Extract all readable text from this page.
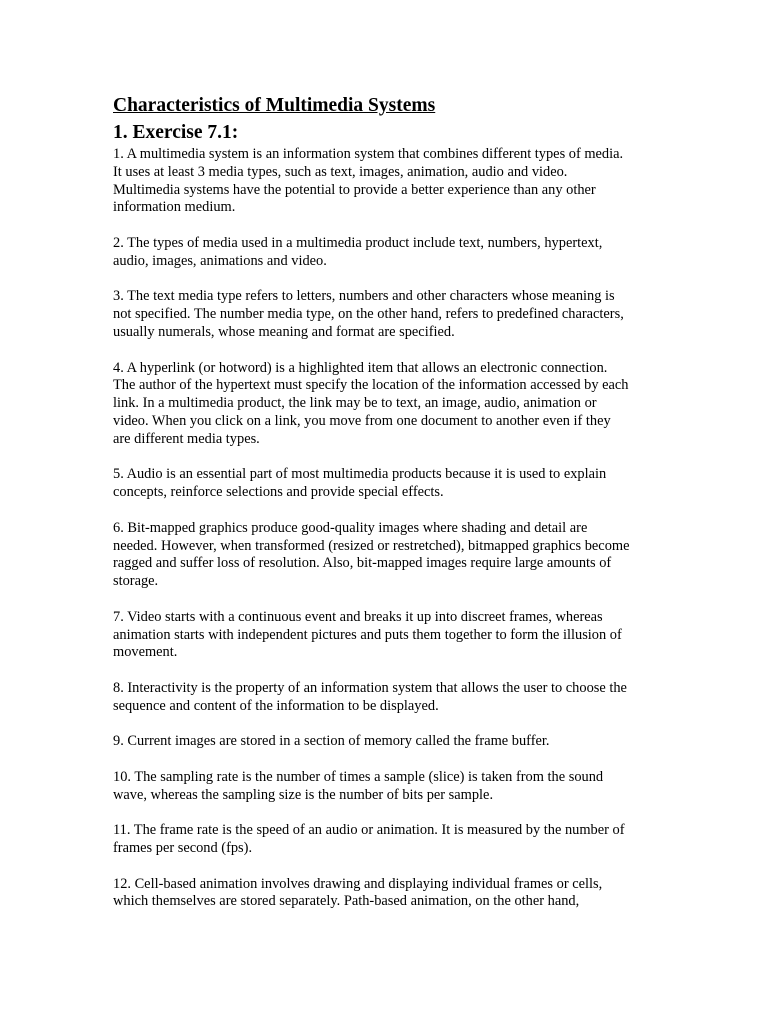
Characteristics of Multimedia Systems
1. Exercise 7.1:

1. A multimedia system is an information system that combines different types of media.
It uses at least 3 media types, such as text, images, animation, audio and video.
Multimedia systems have the potential to provide a better experience than any other
information medium.

2. The types of media used in a multimedia product include text, numbers, hypertext,
audio, images, animations and video.

3. The text media type refers to letters, numbers and other characters whose meaning is
not specified. The number media type, on the other hand, refers to predefined characters,
usually numerals, whose meaning and format are specified.

4. A hyperlink (or hotword) is a highlighted item that allows an electronic connection.
The author of the hypertext must specify the location of the information accessed by each
link. In a multimedia product, the link may be to text, an image, audio, animation or
video. When you click on a link, you move from one document to another even if they
are different media types.

5. Audio is an essential part of most multimedia products because it is used to explain
concepts, reinforce selections and provide special effects.

6. Bit-mapped graphics produce good-quality images where shading and detail are
needed. However, when transformed (resized or restretched), bitmapped graphics become
ragged and suffer loss of resolution. Also, bit-mapped images require large amounts of
storage.

7. Video starts with a continuous event and breaks it up into discreet frames, whereas
animation starts with independent pictures and puts them together to form the illusion of
movement.

8. Interactivity is the property of an information system that allows the user to choose the
sequence and content of the information to be displayed.

9. Current images are stored in a section of memory called the frame buffer.

10. The sampling rate is the number of times a sample (slice) is taken from the sound
wave, whereas the sampling size is the number of bits per sample.

11. The frame rate is the speed of an audio or animation. It is measured by the number of
frames per second (fps).

12. Cell-based animation involves drawing and displaying individual frames or cells,
which themselves are stored separately. Path-based animation, on the other hand,
